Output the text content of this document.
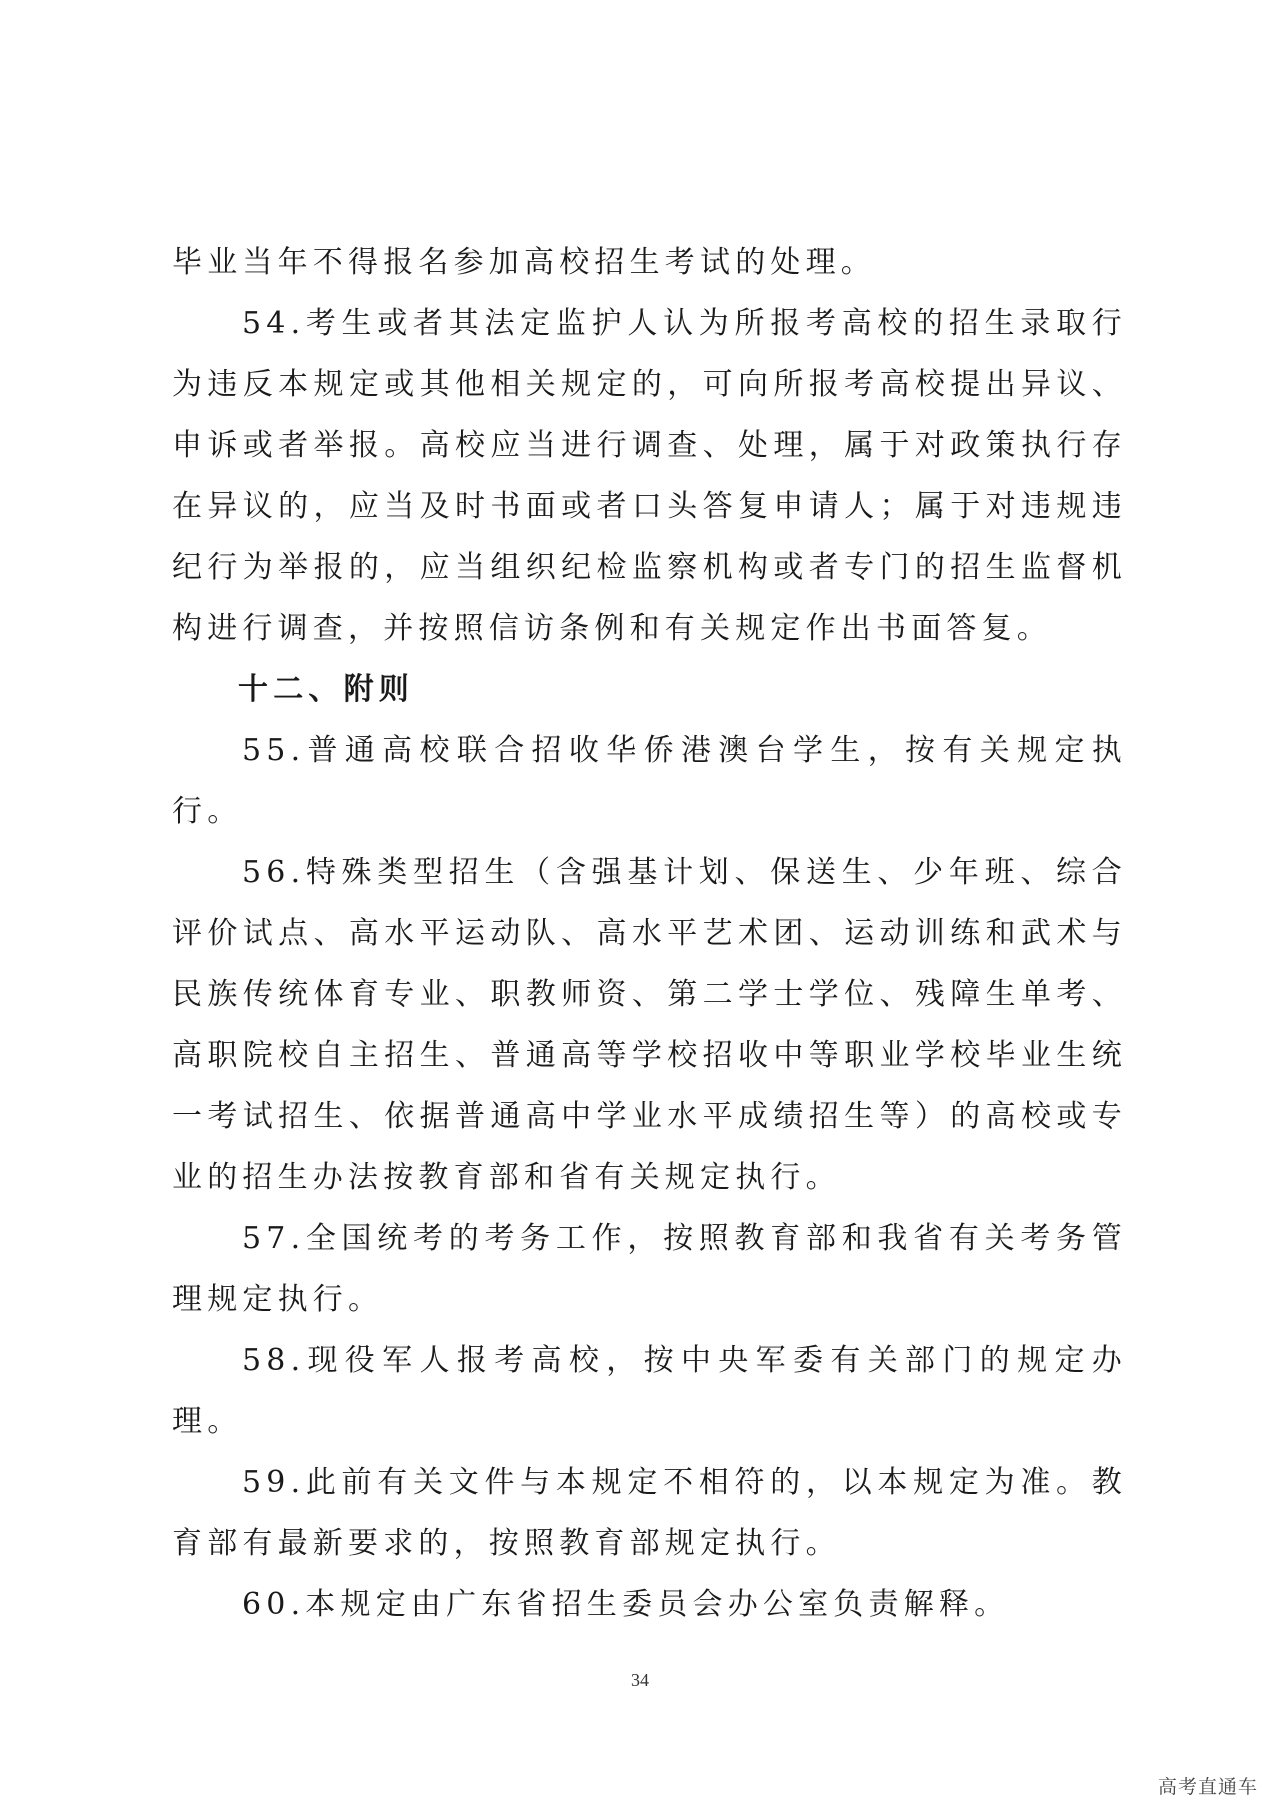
毕业当年不得报名参加高校招生考试的处理。

54.考生或者其法定监护人认为所报考高校的招生录取行为违反本规定或其他相关规定的，可向所报考高校提出异议、申诉或者举报。高校应当进行调查、处理，属于对政策执行存在异议的，应当及时书面或者口头答复申请人；属于对违规违纪行为举报的，应当组织纪检监察机构或者专门的招生监督机构进行调查，并按照信访条例和有关规定作出书面答复。

十二、附则

55.普通高校联合招收华侨港澳台学生，按有关规定执行。

56.特殊类型招生（含强基计划、保送生、少年班、综合评价试点、高水平运动队、高水平艺术团、运动训练和武术与民族传统体育专业、职教师资、第二学士学位、残障生单考、高职院校自主招生、普通高等学校招收中等职业学校毕业生统一考试招生、依据普通高中学业水平成绩招生等）的高校或专业的招生办法按教育部和省有关规定执行。

57.全国统考的考务工作，按照教育部和我省有关考务管理规定执行。

58.现役军人报考高校，按中央军委有关部门的规定办理。

59.此前有关文件与本规定不相符的，以本规定为准。教育部有最新要求的，按照教育部规定执行。

60.本规定由广东省招生委员会办公室负责解释。

34
高考直通车
